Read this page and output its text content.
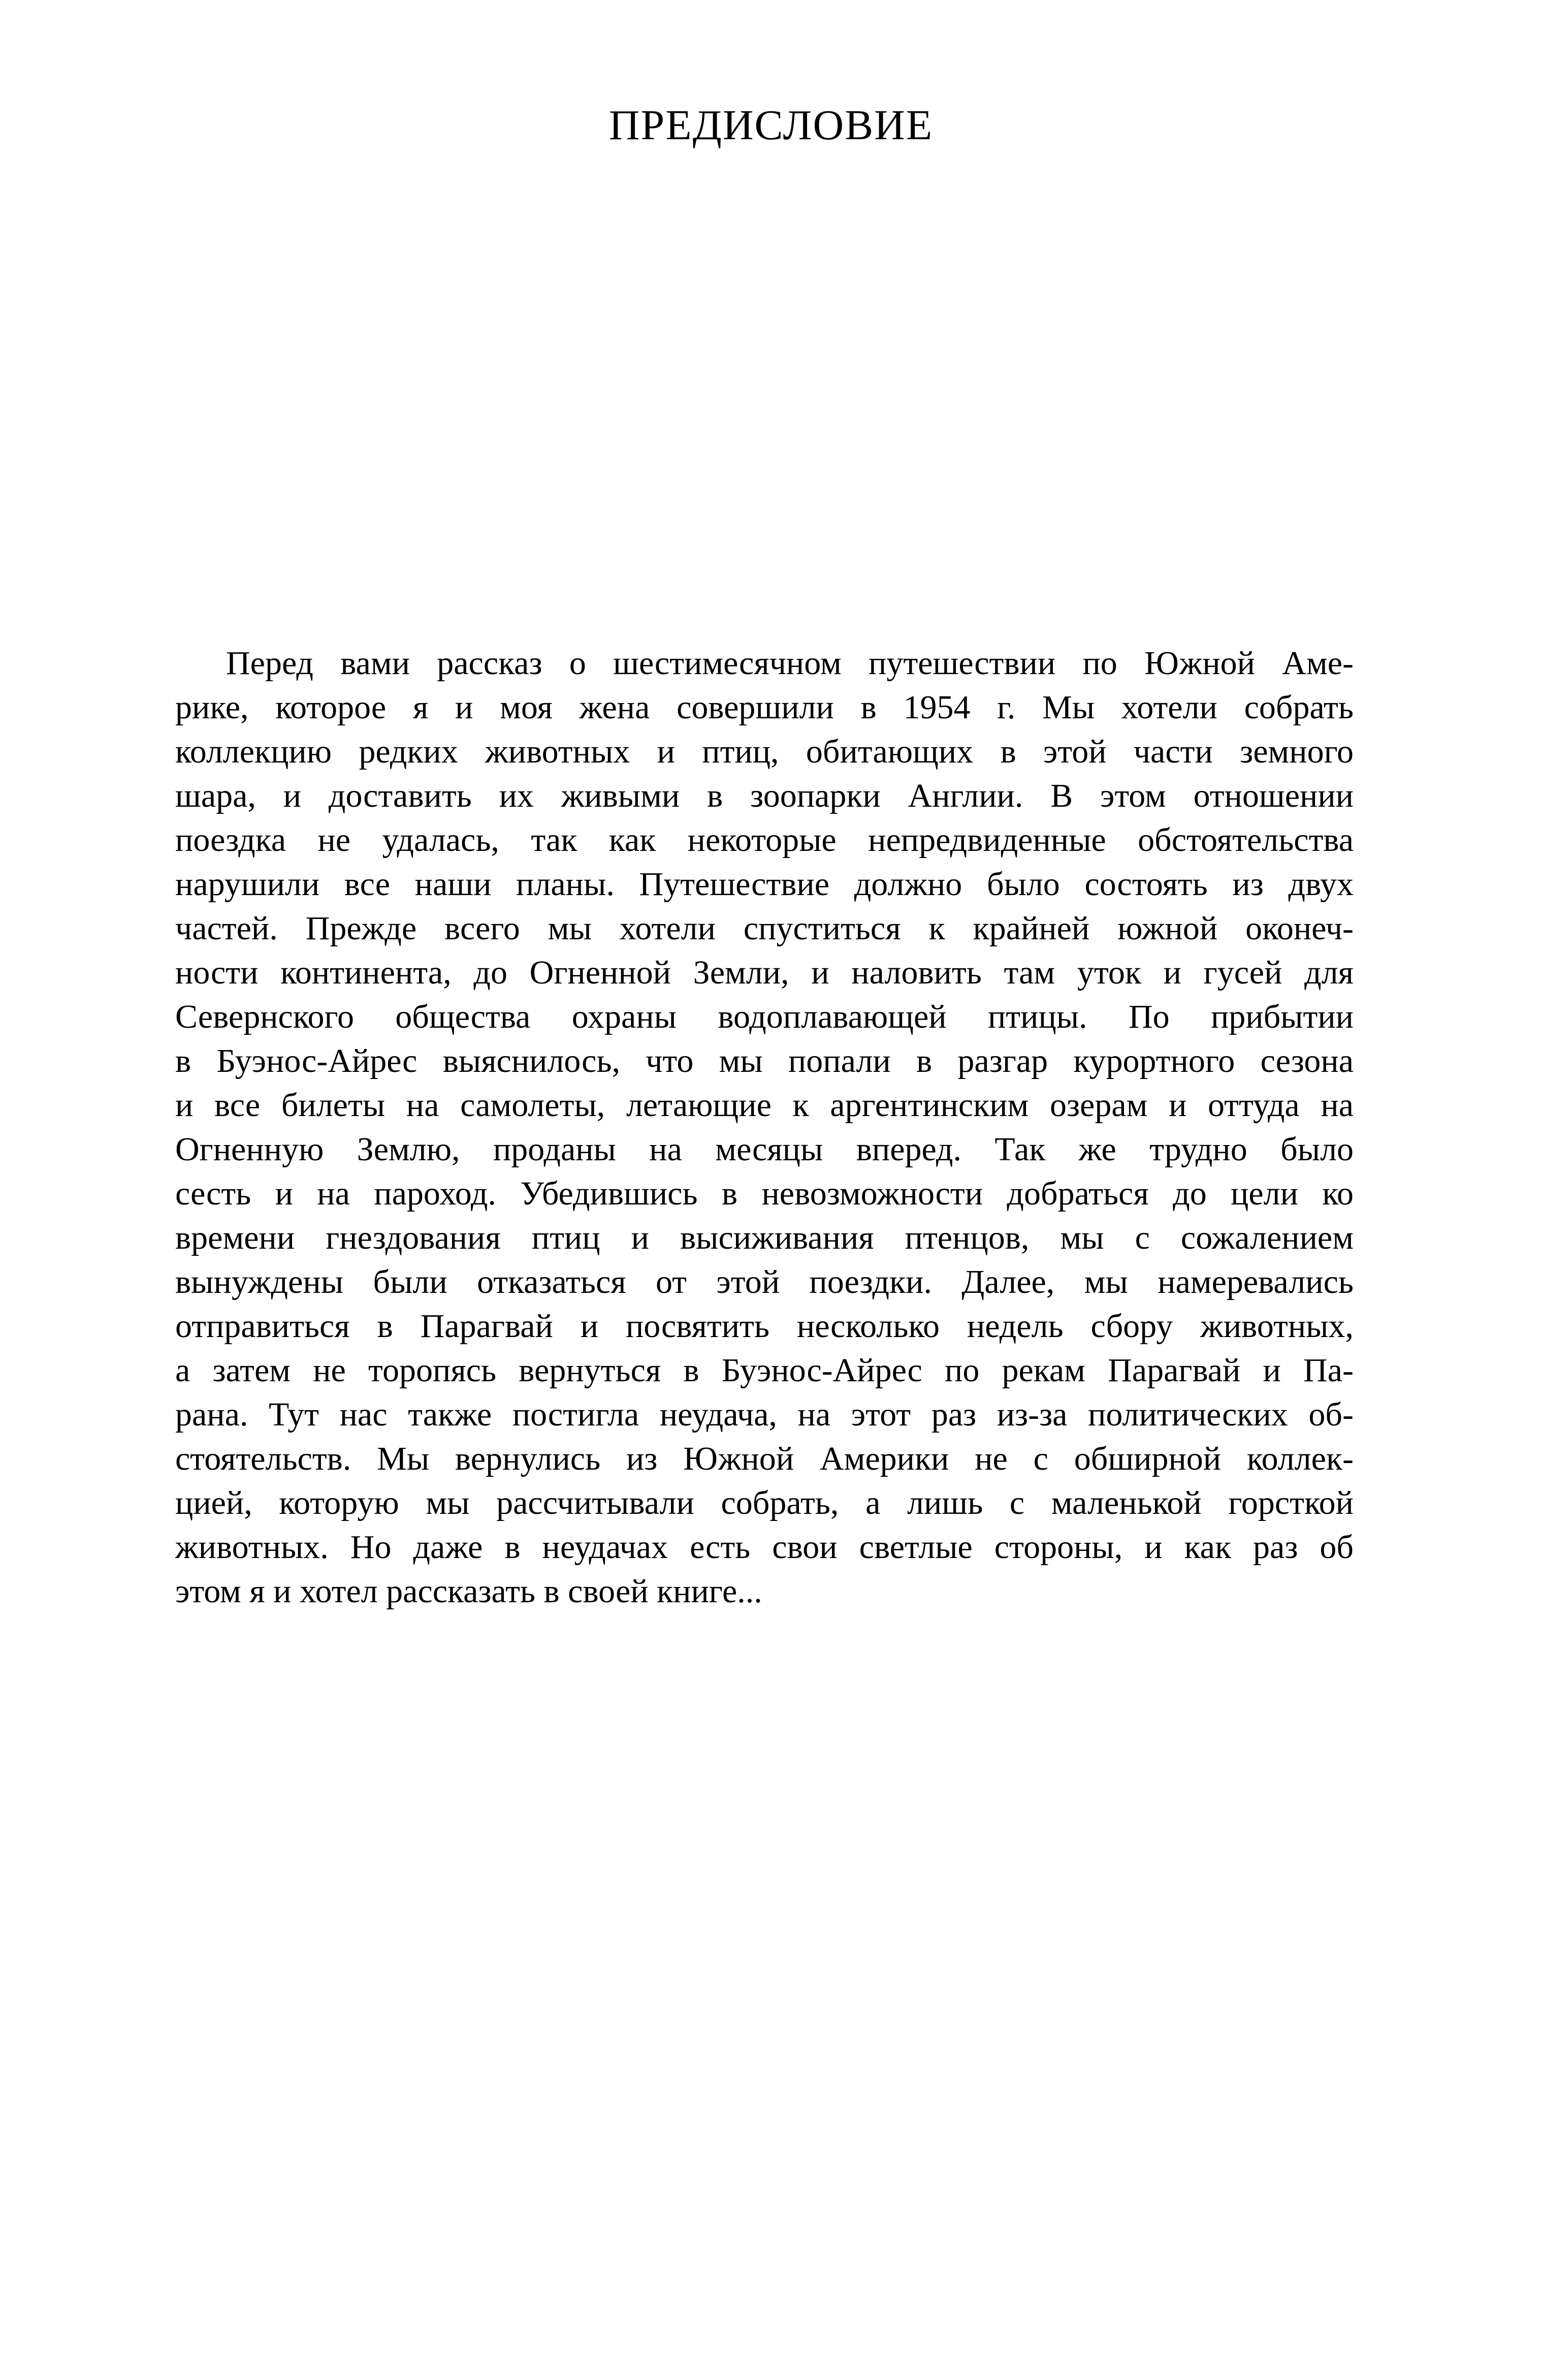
ПРЕДИСЛОВИЕ
Перед вами рассказ о шестимесячном путешествии по Южной Аме-
рике, которое я и моя жена совершили в 1954 г. Мы хотели собрать
коллекцию редких животных и птиц, обитающих в этой части земного
шара, и доставить их живыми в зоопарки Англии. В этом отношении
поездка не удалась, так как некоторые непредвиденные обстоятельства
нарушили все наши планы. Путешествие должно было состоять из двух
частей. Прежде всего мы хотели спуститься к крайней южной оконеч-
ности континента, до Огненной Земли, и наловить там уток и гусей для
Севернского общества охраны водоплавающей птицы. По прибытии
в Буэнос-Айрес выяснилось, что мы попали в разгар курортного сезона
и все билеты на самолеты, летающие к аргентинским озерам и оттуда на
Огненную Землю, проданы на месяцы вперед. Так же трудно было
сесть и на пароход. Убедившись в невозможности добраться до цели ко
времени гнездования птиц и высиживания птенцов, мы с сожалением
вынуждены были отказаться от этой поездки. Далее, мы намеревались
отправиться в Парагвай и посвятить несколько недель сбору животных,
а затем не торопясь вернуться в Буэнос-Айрес по рекам Парагвай и Па-
рана. Тут нас также постигла неудача, на этот раз из-за политических об-
стоятельств. Мы вернулись из Южной Америки не с обширной коллек-
цией, которую мы рассчитывали собрать, а лишь с маленькой горсткой
животных. Но даже в неудачах есть свои светлые стороны, и как раз об
этом я и хотел рассказать в своей книге...
